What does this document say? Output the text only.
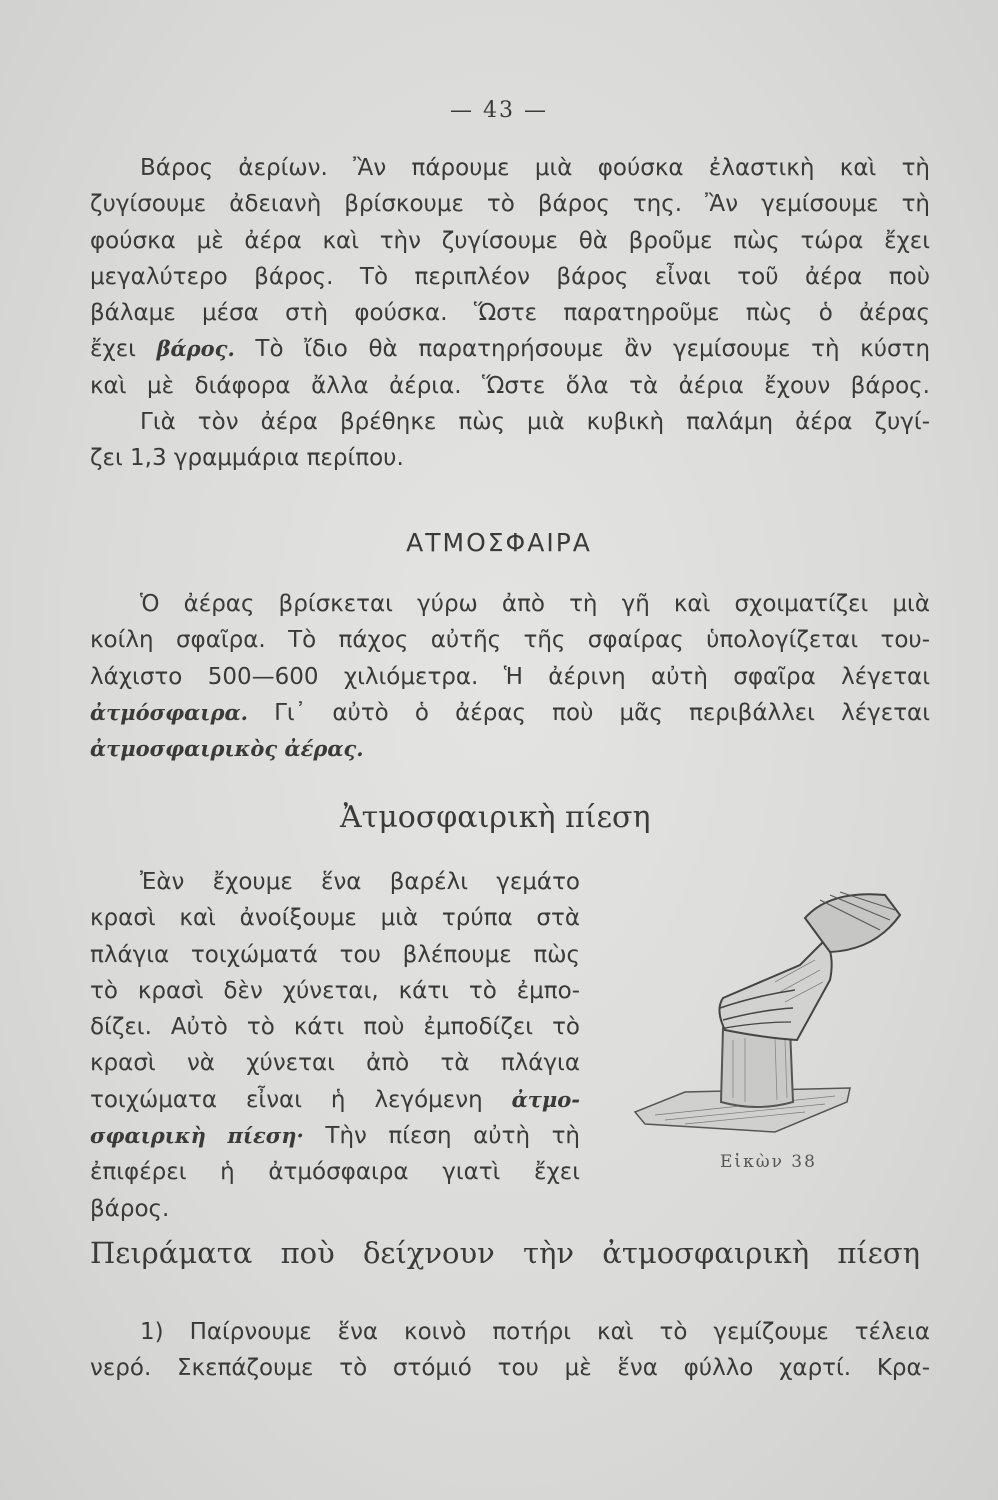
— 43 —

Βάρος ἀερίων. Ἂν πάρουμε μιὰ φούσκα ἐλαστικὴ καὶ τὴ

ζυγίσουμε ἀδειανὴ βρίσκουμε τὸ βάρος της. Ἂν γεμίσουμε τὴ

φούσκα μὲ ἀέρα καὶ τὴν ζυγίσουμε θὰ βροῦμε πὼς τώρα ἔχει

μεγαλύτερο βάρος. Τὸ περιπλέον βάρος εἶναι τοῦ ἀέρα ποὺ

βάλαμε μέσα στὴ φούσκα. Ὥστε παρατηροῦμε πὼς ὁ ἀέρας

ἔχει βάρος. Τὸ ἴδιο θὰ παρατηρήσουμε ἂν γεμίσουμε τὴ κύστη

καὶ μὲ διάφορα ἄλλα ἀέρια. Ὥστε ὅλα τὰ ἀέρια ἔχουν βάρος.

Γιὰ τὸν ἀέρα βρέθηκε πὼς μιὰ κυβικὴ παλάμη ἀέρα ζυγί-

ζει 1,3 γραμμάρια περίπου.

ΑΤΜΟΣΦΑΙΡΑ

Ὁ ἀέρας βρίσκεται γύρω ἀπὸ τὴ γῆ καὶ σχοιματίζει μιὰ

κοίλη σφαῖρα. Τὸ πάχος αὐτῆς τῆς σφαίρας ὑπολογίζεται του-

λάχιστο 500—600 χιλιόμετρα. Ἡ ἀέρινη αὐτὴ σφαῖρα λέγεται

ἀτμόσφαιρα. Γι᾽ αὐτὸ ὁ ἀέρας ποὺ μᾶς περιβάλλει λέγεται

ἀτμοσφαιρικὸς ἀέρας.

Ἀτμοσφαιρικὴ πίεση

Ἐὰν ἔχουμε ἕνα βαρέλι γεμάτο

κρασὶ καὶ ἀνοίξουμε μιὰ τρύπα στὰ

πλάγια τοιχώματά του βλέπουμε πὼς

τὸ κρασὶ δὲν χύνεται, κάτι τὸ ἐμπο-

δίζει. Αὐτὸ τὸ κάτι ποὺ ἐμποδίζει τὸ

κρασὶ νὰ χύνεται ἀπὸ τὰ πλάγια

τοιχώματα εἶναι ἡ λεγόμενη ἀτμο-

σφαιρικὴ πίεση· Τὴν πίεση αὐτὴ τὴ

ἐπιφέρει ἡ ἀτμόσφαιρα γιατὶ ἔχει

βάρος.

Εἰκὼν 38
Πειράματα ποὺ δείχνουν τὴν ἀτμοσφαιρικὴ πίεση

1) Παίρνουμε ἕνα κοινὸ ποτήρι καὶ τὸ γεμίζουμε τέλεια

νερό. Σκεπάζουμε τὸ στόμιό του μὲ ἕνα φύλλο χαρτί. Κρα-
